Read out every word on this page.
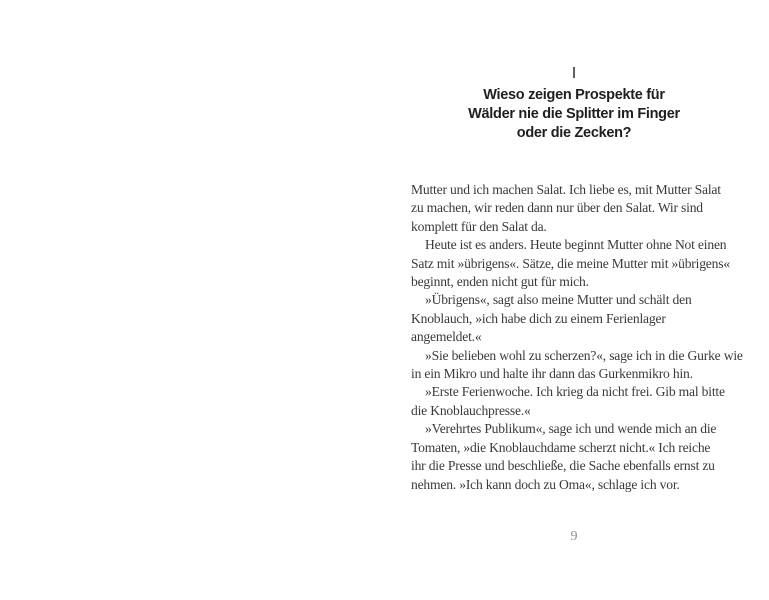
I
Wieso zeigen Prospekte für
Wälder nie die Splitter im Finger
oder die Zecken?
Mutter und ich machen Salat. Ich liebe es, mit Mutter Salat
zu machen, wir reden dann nur über den Salat. Wir sind
komplett für den Salat da.
Heute ist es anders. Heute beginnt Mutter ohne Not einen
Satz mit »übrigens«. Sätze, die meine Mutter mit »übrigens«
beginnt, enden nicht gut für mich.
»Übrigens«, sagt also meine Mutter und schält den
Knoblauch, »ich habe dich zu einem Ferienlager
angemeldet.«
»Sie belieben wohl zu scherzen?«, sage ich in die Gurke wie
in ein Mikro und halte ihr dann das Gurkenmikro hin.
»Erste Ferienwoche. Ich krieg da nicht frei. Gib mal bitte
die Knoblauchpresse.«
»Verehrtes Publikum«, sage ich und wende mich an die
Tomaten, »die Knoblauchdame scherzt nicht.« Ich reiche
ihr die Presse und beschließe, die Sache ebenfalls ernst zu
nehmen. »Ich kann doch zu Oma«, schlage ich vor.
9
